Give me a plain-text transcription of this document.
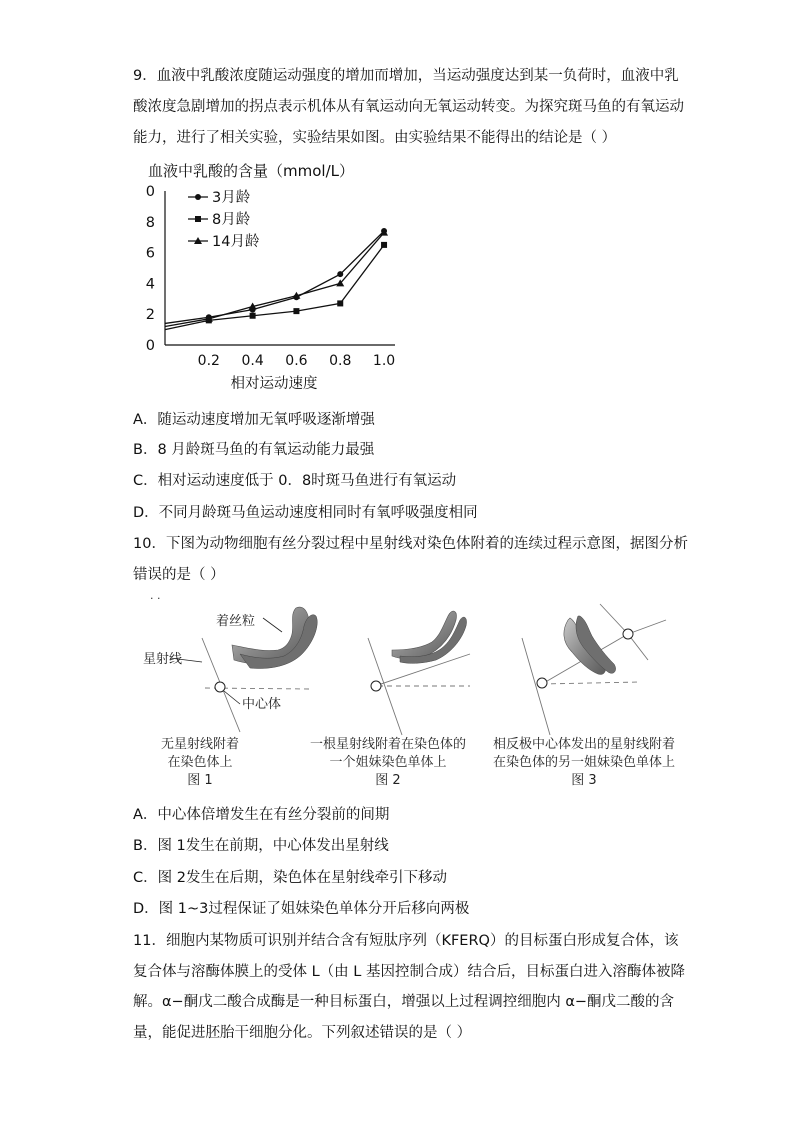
9．血液中乳酸浓度随运动强度的增加而增加，当运动强度达到某一负荷时，血液中乳
酸浓度急剧增加的拐点表示机体从有氧运动向无氧运动转变。为探究斑马鱼的有氧运动
能力，进行了相关实验，实验结果如图。由实验结果不能得出的结论是（ ）
血液中乳酸的含量（mmol/L）
0
2
4
6
8
0
0.2 0.4 0.6 0.8 1.0
3月龄
8月龄
14月龄
相对运动速度
A．随运动速度增加无氧呼吸逐渐增强
B．8 月龄斑马鱼的有氧运动能力最强
C．相对运动速度低于 0．8时斑马鱼进行有氧运动
D．不同月龄斑马鱼运动速度相同时有氧呼吸强度相同
10．下图为动物细胞有丝分裂过程中星射线对染色体附着的连续过程示意图，据图分析
错误的是（ ）
· ·
着丝粒
星射线
中心体
无星射线附着
在染色体上
图 1
一根星射线附着在染色体的
一个姐妹染色单体上
图 2
相反极中心体发出的星射线附着
在染色体的另一姐妹染色单体上
图 3
A．中心体倍增发生在有丝分裂前的间期
B．图 1发生在前期，中心体发出星射线
C．图 2发生在后期，染色体在星射线牵引下移动
D．图 1~3过程保证了姐妹染色单体分开后移向两极
11．细胞内某物质可识别并结合含有短肽序列（KFERQ）的目标蛋白形成复合体，该
复合体与溶酶体膜上的受体 L（由 L 基因控制合成）结合后，目标蛋白进入溶酶体被降
解。α−酮戊二酸合成酶是一种目标蛋白，增强以上过程调控细胞内 α−酮戊二酸的含
量，能促进胚胎干细胞分化。下列叙述错误的是（ ）
